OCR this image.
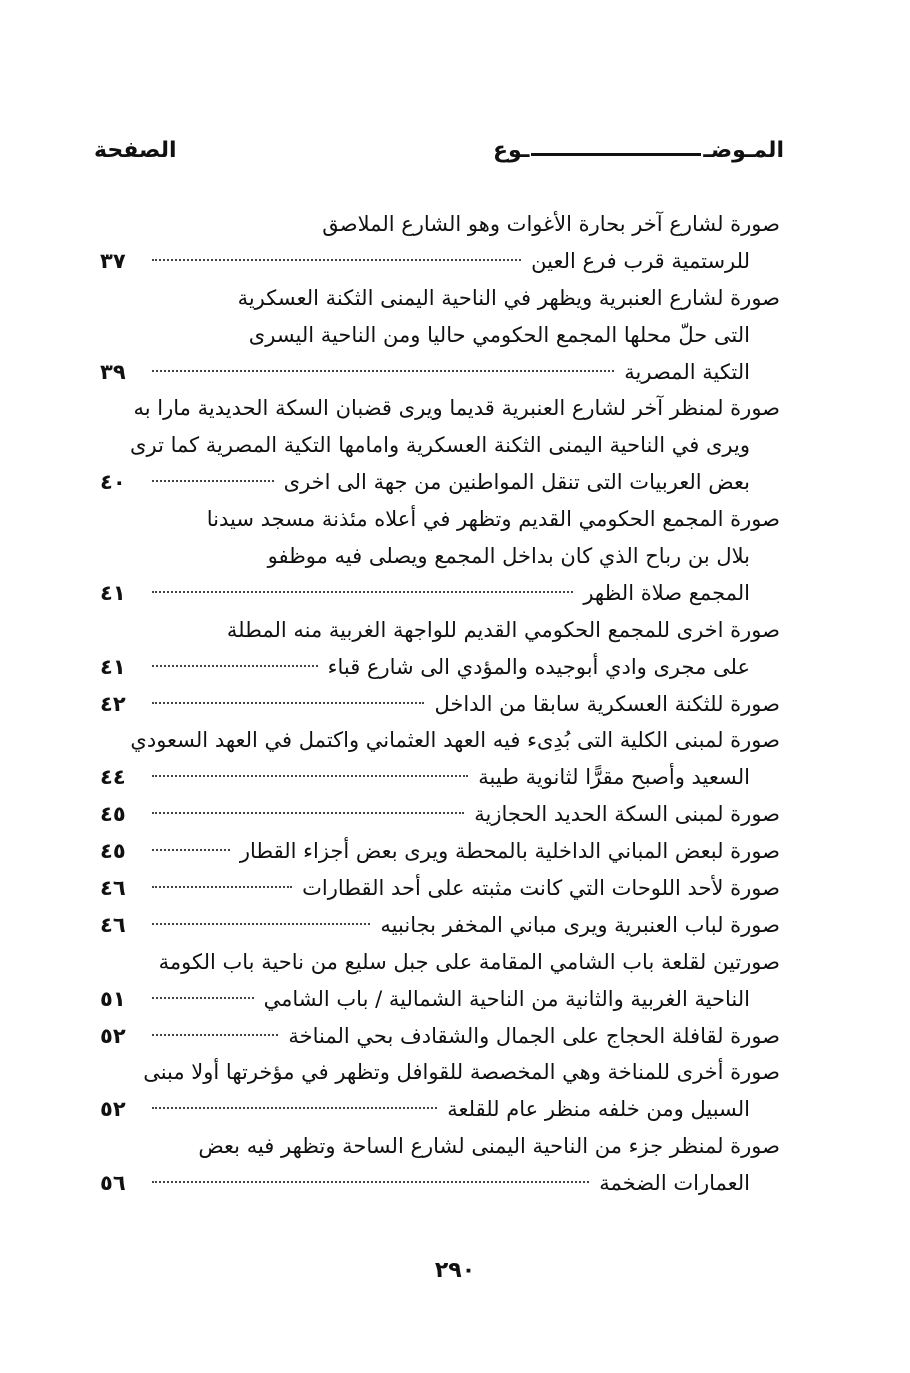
المـوضـ
ـوع
الصفحة
صورة لشارع آخر بحارة الأغوات وهو الشارع الملاصق
للرستمية قرب فرع العين
٣٧
صورة لشارع العنبرية ويظهر في الناحية اليمنى الثكنة العسكرية
التى حلّ محلها المجمع الحكومي حاليا ومن الناحية اليسرى
التكية المصرية
٣٩
صورة لمنظر آخر لشارع العنبرية قديما ويرى قضبان السكة الحديدية مارا به
ويرى في الناحية اليمنى الثكنة العسكرية وامامها التكية المصرية كما ترى
بعض العربيات التى تنقل المواطنين من جهة الى اخرى
٤٠
صورة المجمع الحكومي القديم وتظهر في أعلاه مئذنة مسجد سيدنا
بلال بن رباح الذي كان بداخل المجمع ويصلى فيه موظفو
المجمع صلاة الظهر
٤١
صورة اخرى للمجمع الحكومي القديم للواجهة الغربية منه المطلة
على مجرى وادي أبوجيده والمؤدي الى شارع قباء
٤١
صورة للثكنة العسكرية سابقا من الداخل
٤٢
صورة لمبنى الكلية التى بُدِىء فيه العهد العثماني واكتمل في العهد السعودي
السعيد وأصبح مقرًّا لثانوية طيبة
٤٤
صورة لمبنى السكة الحديد الحجازية
٤٥
صورة لبعض المباني الداخلية بالمحطة ويرى بعض أجزاء القطار
٤٥
صورة لأحد اللوحات التي كانت مثبته على أحد القطارات
٤٦
صورة لباب العنبرية ويرى مباني المخفر بجانبيه
٤٦
صورتين لقلعة باب الشامي المقامة على جبل سليع من ناحية باب الكومة
الناحية الغربية والثانية من الناحية الشمالية / باب الشامي
٥١
صورة لقافلة الحجاج على الجمال والشقادف بحي المناخة
٥٢
صورة أخرى للمناخة وهي المخصصة للقوافل وتظهر في مؤخرتها أولا مبنى
السبيل ومن خلفه منظر عام للقلعة
٥٢
صورة لمنظر جزء من الناحية اليمنى لشارع الساحة وتظهر فيه بعض
العمارات الضخمة
٥٦
٢٩٠
